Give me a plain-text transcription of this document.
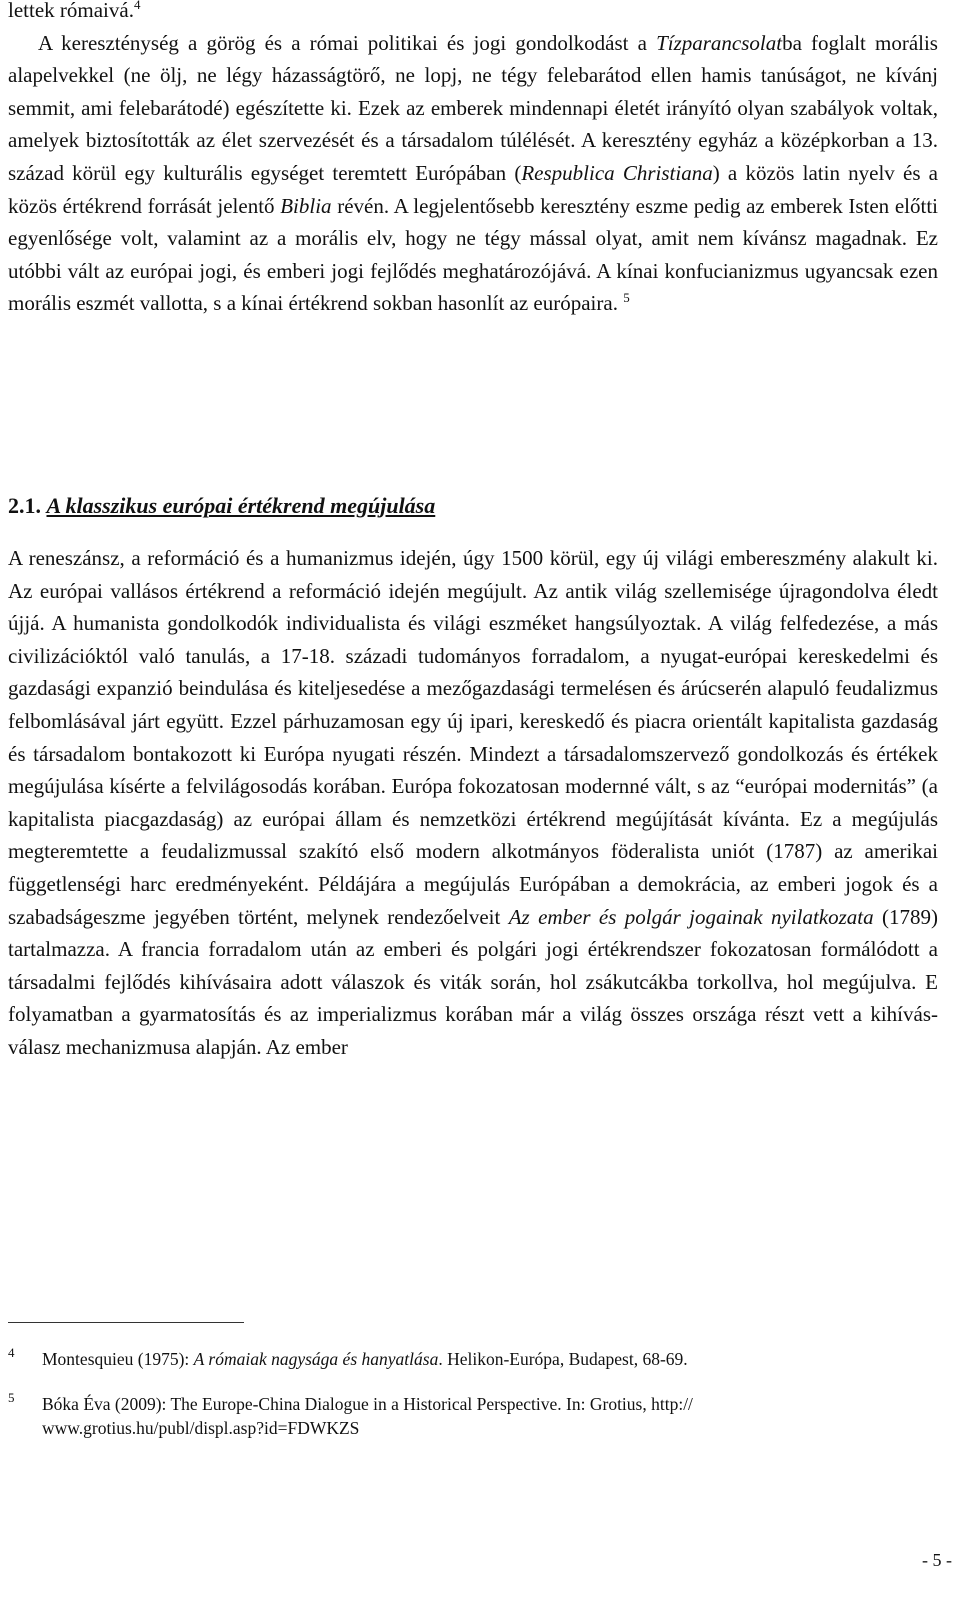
lettek rómaivá.$^4$
A kereszténység a görög és a római politikai és jogi gondolkodást a Tízparancsolatba foglalt morális alapelvekkel (ne ölj, ne légy házasságtörő, ne lopj, ne tégy felebarátod ellen hamis tanúságot, ne kívánj semmit, ami felebarátodé) egészítette ki. Ezek az emberek mindennapi életét irányító olyan szabályok voltak, amelyek biztosították az élet szervezését és a társadalom túlélését. A keresztény egyház a középkorban a 13. század körül egy kulturális egységet teremtett Európában (Respublica Christiana) a közös latin nyelv és a közös értékrend forrását jelentő Biblia révén. A legjelentősebb keresztény eszme pedig az emberek Isten előtti egyenlősége volt, valamint az a morális elv, hogy ne tégy mással olyat, amit nem kívánsz magadnak. Ez utóbbi vált az európai jogi, és emberi jogi fejlődés meghatározójává. A kínai konfucianizmus ugyancsak ezen morális eszmét vallotta, s a kínai értékrend sokban hasonlít az európaira. $^5$

2.1. A klasszikus európai értékrend megújulása

A reneszánsz, a reformáció és a humanizmus idején, úgy 1500 körül, egy új világi embereszmény alakult ki. Az európai vallásos értékrend a reformáció idején megújult. Az antik világ szellemisége újragondolva éledt újjá. A humanista gondolkodók individualista és világi eszméket hangsúlyoztak. A világ felfedezése, a más civilizációktól való tanulás, a 17-18. századi tudományos forradalom, a nyugat-európai kereskedelmi és gazdasági expanzió beindulása és kiteljesedése a mezőgazdasági termelésen és árúcserén alapuló feudalizmus felbomlásával járt együtt. Ezzel párhuzamosan egy új ipari, kereskedő és piacra orientált kapitalista gazdaság és társadalom bontakozott ki Európa nyugati részén. Mindezt a társadalomszervező gondolkozás és értékek megújulása kísérte a felvilágosodás korában. Európa fokozatosan modernné vált, s az “európai modernitás” (a kapitalista piacgazdaság) az európai állam és nemzetközi értékrend megújítását kívánta. Ez a megújulás megteremtette a feudalizmussal szakító első modern alkotmányos föderalista uniót (1787) az amerikai függetlenségi harc eredményeként. Példájára a megújulás Európában a demokrácia, az emberi jogok és a szabadságeszme jegyében történt, melynek rendezőelveit Az ember és polgár jogainak nyilatkozata (1789) tartalmazza. A francia forradalom után az emberi és polgári jogi értékrendszer fokozatosan formálódott a társadalmi fejlődés kihívásaira adott válaszok és viták során, hol zsákutcákba torkollva, hol megújulva. E folyamatban a gyarmatosítás és az imperializmus korában már a világ összes országa részt vett a kihívás-válasz mechanizmusa alapján. Az ember

4 Montesquieu (1975): A rómaiak nagysága és hanyatlása. Helikon-Európa, Budapest, 68-69.

5 Bóka Éva (2009): The Europe-China Dialogue in a Historical Perspective. In: Grotius, http://
www.grotius.hu/publ/displ.asp?id=FDWKZS

- 5 -
